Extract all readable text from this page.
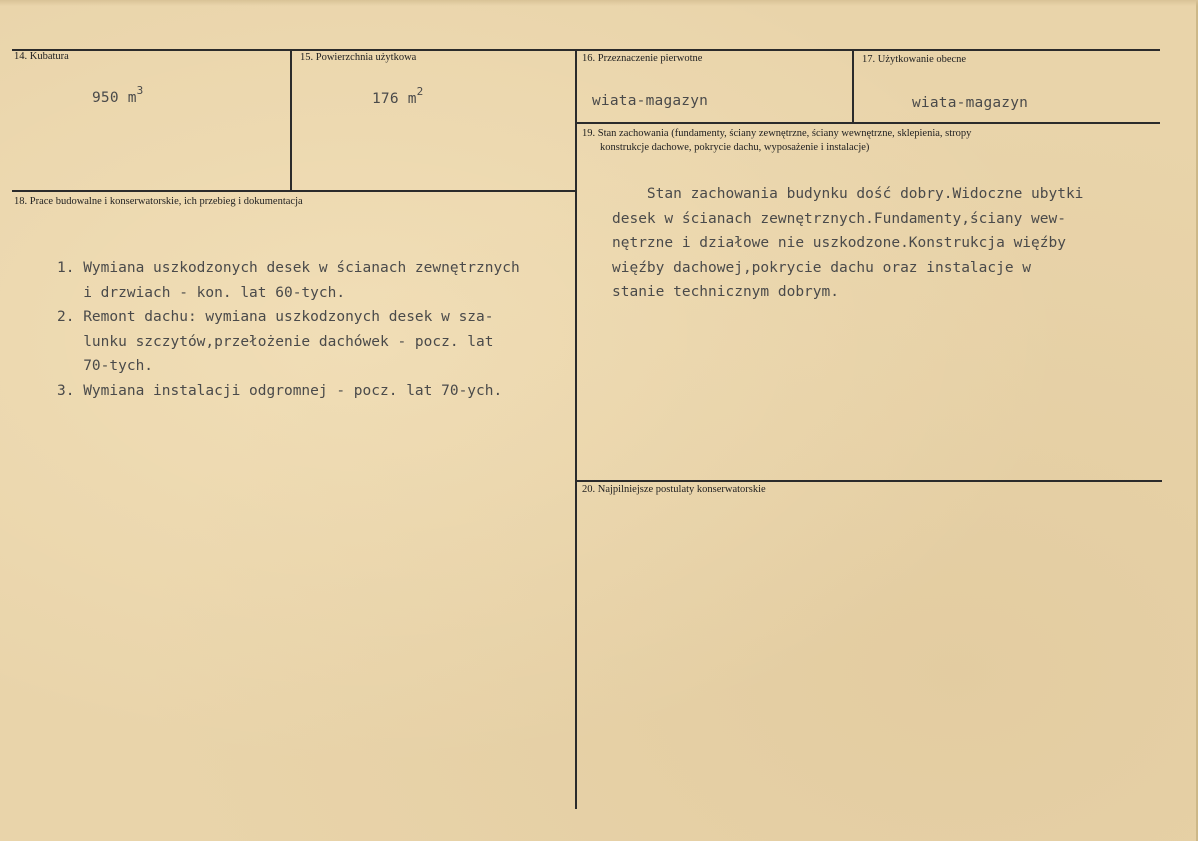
14. Kubatura
950 $m^3$
15. Powierzchnia użytkowa
176 $m^2$
16. Przeznaczenie pierwotne
wiata-magazyn
17. Użytkowanie obecne
wiata-magazyn
18. Prace budowalne i konserwatorskie, ich przebieg i dokumentacja
1. Wymiana uszkodzonych desek w ścianach zewnętrznych
i drzwiach - kon. lat 60-tych.
2. Remont dachu: wymiana uszkodzonych desek w sza-
lunku szczytów,przełożenie dachówek - pocz. lat
70-tych.
3. Wymiana instalacji odgromnej - pocz. lat 70-ych.
19. Stan zachowania (fundamenty, ściany zewnętrzne, ściany wewnętrzne, sklepienia, stropy
konstrukcje dachowe, pokrycie dachu, wyposażenie i instalacje)
Stan zachowania budynku dość dobry.Widoczne ubytki
desek w ścianach zewnętrznych.Fundamenty,ściany wew-
nętrzne i działowe nie uszkodzone.Konstrukcja więźby
więźby dachowej,pokrycie dachu oraz instalacje w
stanie technicznym dobrym.
20. Najpilniejsze postulaty konserwatorskie
